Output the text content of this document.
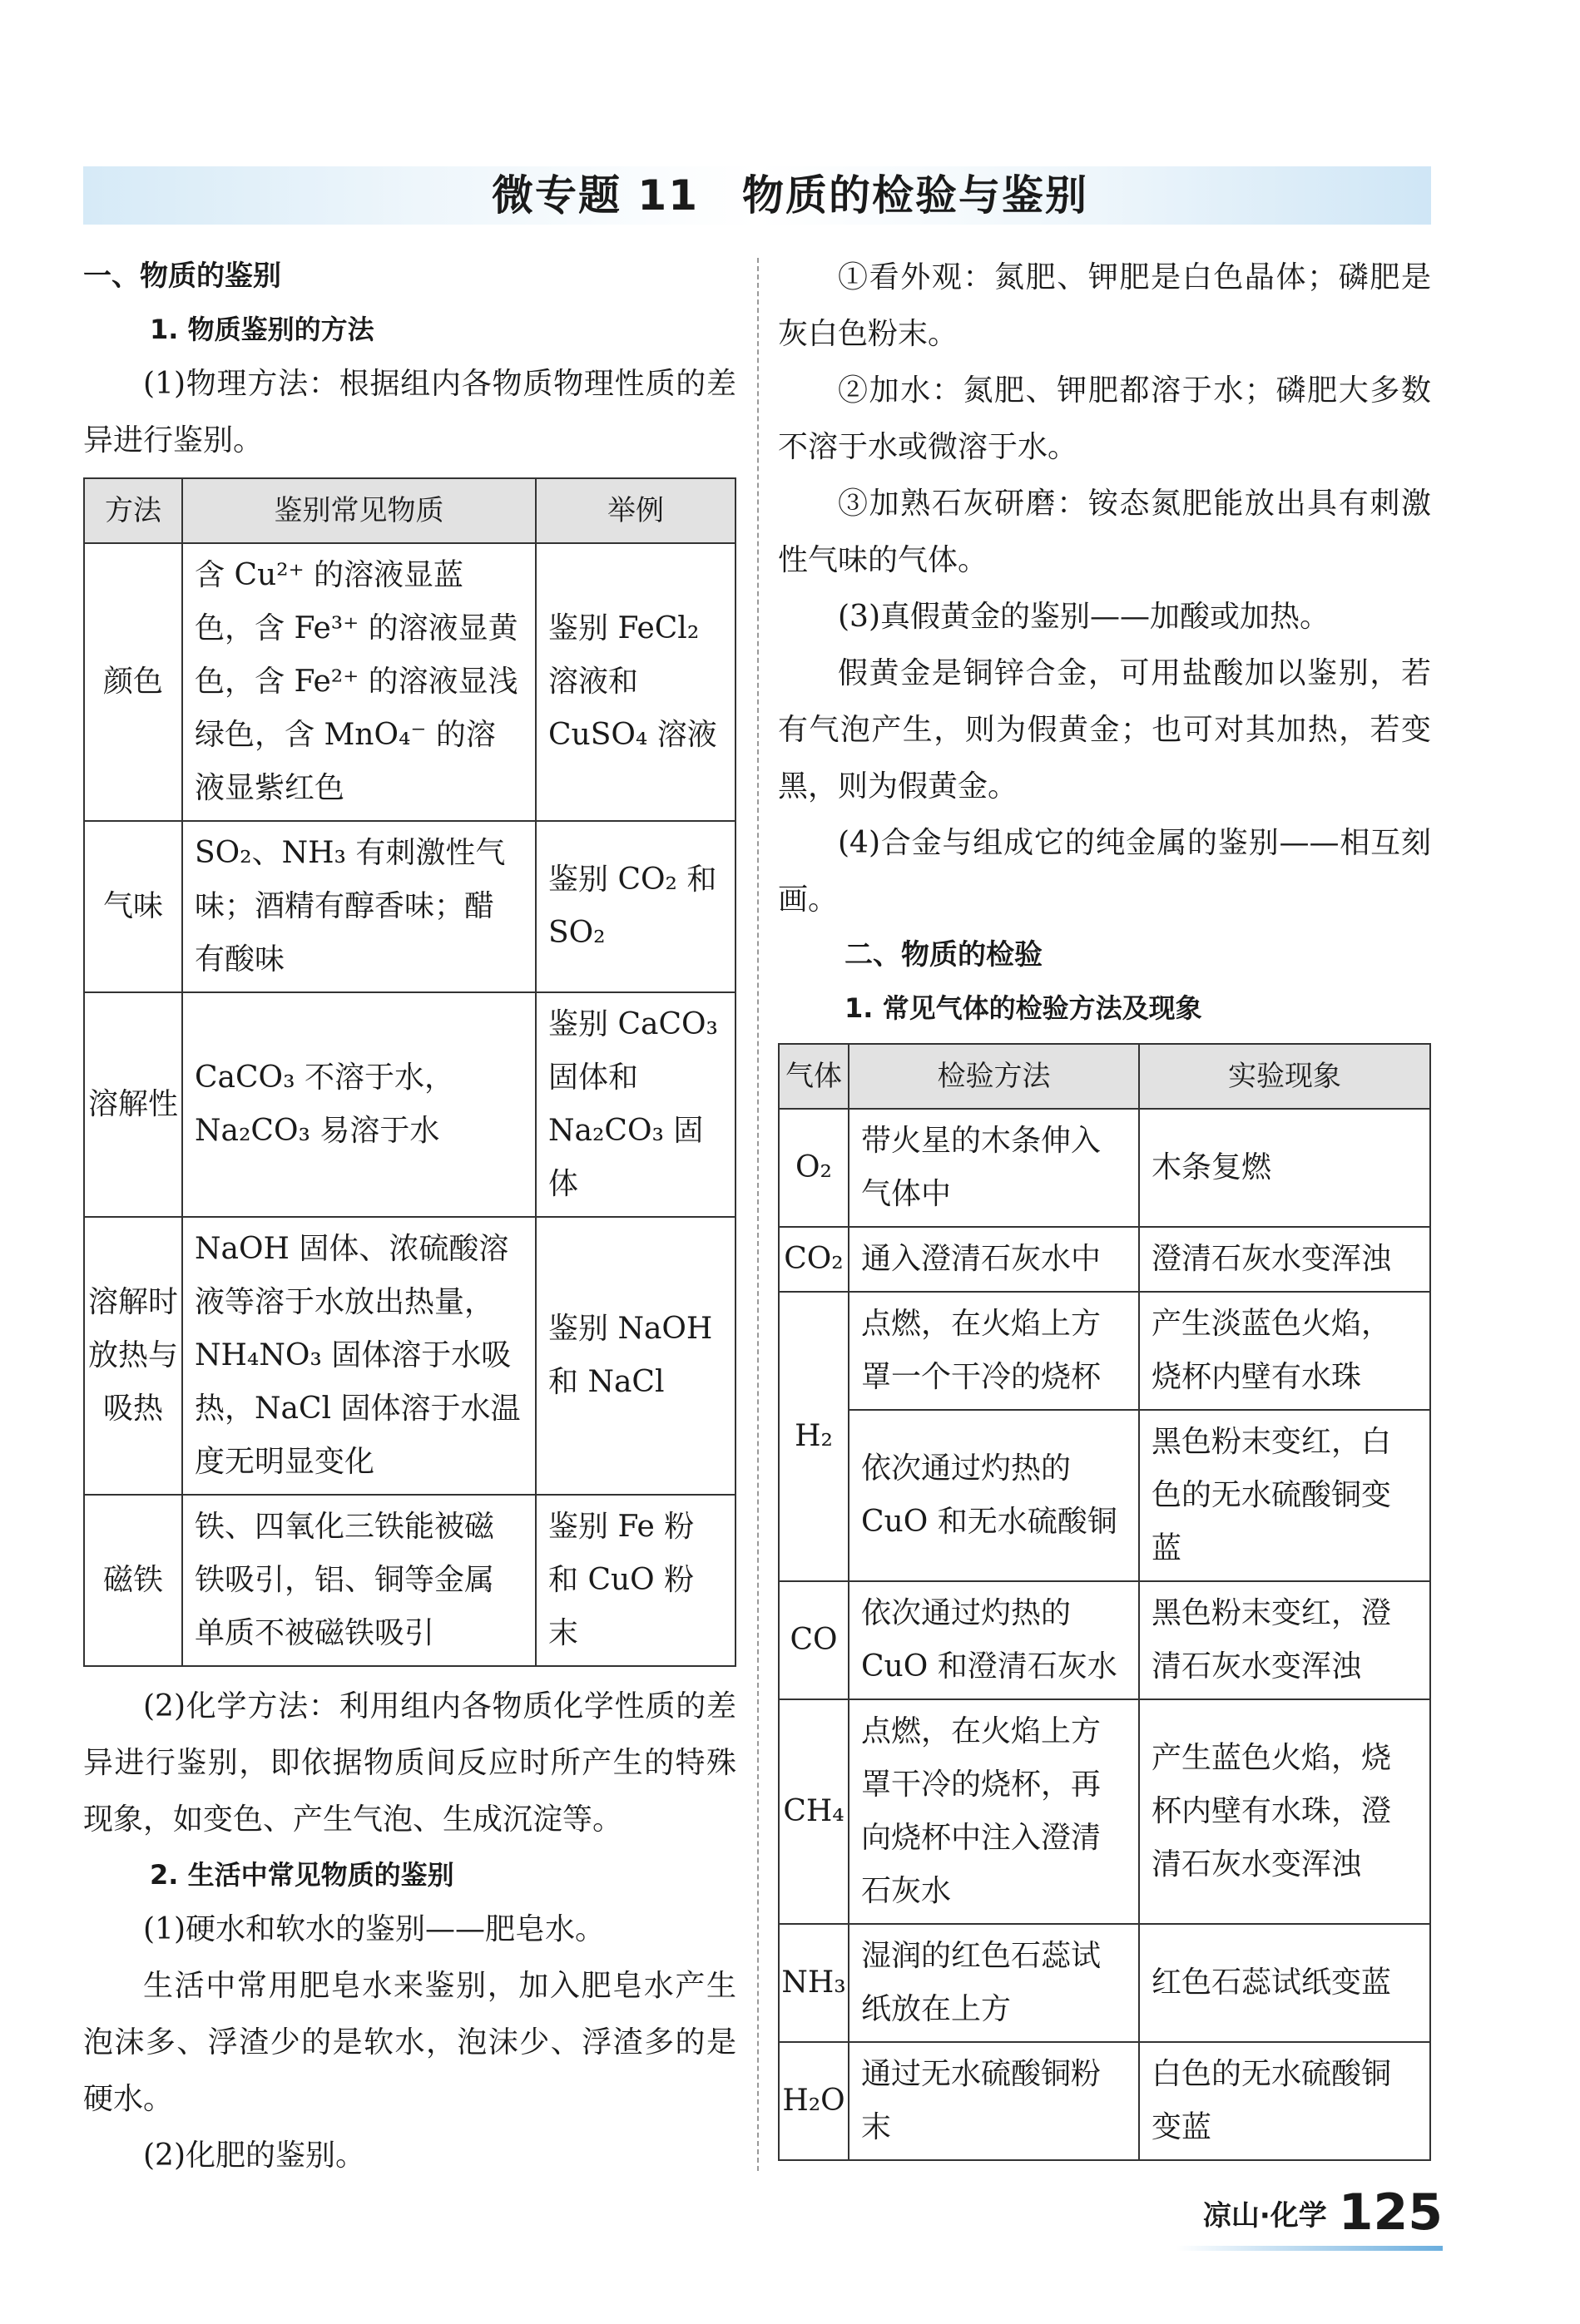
微专题 11　物质的检验与鉴别

一、物质的鉴别

1. 物质鉴别的方法

(1)物理方法：根据组内各物质物理性质的差异进行鉴别。

方法	鉴别常见物质	举例
颜色	含 Cu²⁺ 的溶液显蓝色，含 Fe³⁺ 的溶液显黄色，含 Fe²⁺ 的溶液显浅绿色，含 MnO₄⁻ 的溶液显紫红色	鉴别 FeCl₂ 溶液和 CuSO₄ 溶液
气味	SO₂、NH₃ 有刺激性气味；酒精有醇香味；醋有酸味	鉴别 CO₂ 和 SO₂
溶解性	CaCO₃ 不溶于水，Na₂CO₃ 易溶于水	鉴别 CaCO₃ 固体和 Na₂CO₃ 固体
溶解时放热与吸热	NaOH 固体、浓硫酸溶液等溶于水放出热量，NH₄NO₃ 固体溶于水吸热，NaCl 固体溶于水温度无明显变化	鉴别 NaOH 和 NaCl
磁铁	铁、四氧化三铁能被磁铁吸引，铝、铜等金属单质不被磁铁吸引	鉴别 Fe 粉和 CuO 粉末

(2)化学方法：利用组内各物质化学性质的差异进行鉴别，即依据物质间反应时所产生的特殊现象，如变色、产生气泡、生成沉淀等。

2. 生活中常见物质的鉴别

(1)硬水和软水的鉴别——肥皂水。

生活中常用肥皂水来鉴别，加入肥皂水产生泡沫多、浮渣少的是软水，泡沫少、浮渣多的是硬水。

(2)化肥的鉴别。

①看外观：氮肥、钾肥是白色晶体；磷肥是灰白色粉末。

②加水：氮肥、钾肥都溶于水；磷肥大多数不溶于水或微溶于水。

③加熟石灰研磨：铵态氮肥能放出具有刺激性气味的气体。

(3)真假黄金的鉴别——加酸或加热。

假黄金是铜锌合金，可用盐酸加以鉴别，若有气泡产生，则为假黄金；也可对其加热，若变黑，则为假黄金。

(4)合金与组成它的纯金属的鉴别——相互刻画。

二、物质的检验

1. 常见气体的检验方法及现象

气体	检验方法	实验现象
O₂	带火星的木条伸入气体中	木条复燃
CO₂	通入澄清石灰水中	澄清石灰水变浑浊
H₂	点燃，在火焰上方罩一个干冷的烧杯	产生淡蓝色火焰，烧杯内壁有水珠
	依次通过灼热的 CuO 和无水硫酸铜	黑色粉末变红，白色的无水硫酸铜变蓝
CO	依次通过灼热的 CuO 和澄清石灰水	黑色粉末变红，澄清石灰水变浑浊
CH₄	点燃，在火焰上方罩干冷的烧杯，再向烧杯中注入澄清石灰水	产生蓝色火焰，烧杯内壁有水珠，澄清石灰水变浑浊
NH₃	湿润的红色石蕊试纸放在上方	红色石蕊试纸变蓝
H₂O	通过无水硫酸铜粉末	白色的无水硫酸铜变蓝
凉山·化学 125
